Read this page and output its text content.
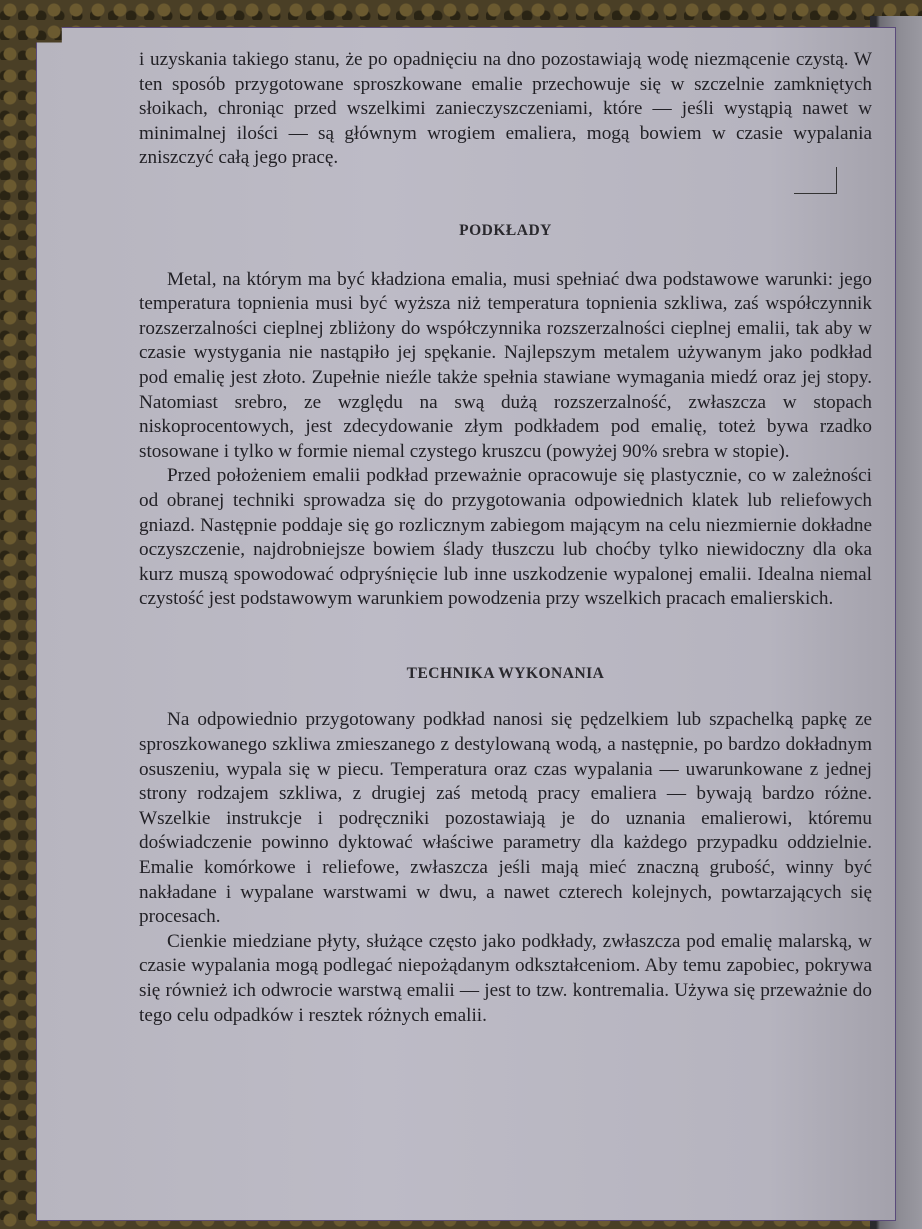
i uzyskania takiego stanu, że po opadnięciu na dno pozostawiają wodę niezmącenie czystą. W ten sposób przygotowane sproszkowane emalie przechowuje się w szczelnie zamkniętych słoikach, chroniąc przed wszelkimi zanieczyszczeniami, które — jeśli wystąpią nawet w minimalnej ilości — są głównym wrogiem emaliera, mogą bowiem w czasie wypalania zniszczyć całą jego pracę.

PODKŁADY

Metal, na którym ma być kładziona emalia, musi spełniać dwa podstawowe warunki: jego temperatura topnienia musi być wyższa niż temperatura topnienia szkliwa, zaś współczynnik rozszerzalności cieplnej zbliżony do współczynnika rozszerzalności cieplnej emalii, tak aby w czasie wystygania nie nastąpiło jej spękanie. Najlepszym metalem używanym jako podkład pod emalię jest złoto. Zupełnie nieźle także spełnia stawiane wymagania miedź oraz jej stopy. Natomiast srebro, ze względu na swą dużą rozszerzalność, zwłaszcza w stopach niskoprocentowych, jest zdecydowanie złym podkładem pod emalię, toteż bywa rzadko stosowane i tylko w formie niemal czystego kruszcu (powyżej 90% srebra w stopie).

Przed położeniem emalii podkład przeważnie opracowuje się plastycznie, co w zależności od obranej techniki sprowadza się do przygotowania odpowiednich klatek lub reliefowych gniazd. Następnie poddaje się go rozlicznym zabiegom mającym na celu niezmiernie dokładne oczyszczenie, najdrobniejsze bowiem ślady tłuszczu lub choćby tylko niewidoczny dla oka kurz muszą spowodować odpryśnięcie lub inne uszkodzenie wypalonej emalii. Idealna niemal czystość jest podstawowym warunkiem powodzenia przy wszelkich pracach emalierskich.

TECHNIKA WYKONANIA

Na odpowiednio przygotowany podkład nanosi się pędzelkiem lub szpachelką papkę ze sproszkowanego szkliwa zmieszanego z destylowaną wodą, a następnie, po bardzo dokładnym osuszeniu, wypala się w piecu. Temperatura oraz czas wypalania — uwarunkowane z jednej strony rodzajem szkliwa, z drugiej zaś metodą pracy emaliera — bywają bardzo różne. Wszelkie instrukcje i podręczniki pozostawiają je do uznania emalierowi, któremu doświadczenie powinno dyktować właściwe parametry dla każdego przypadku oddzielnie. Emalie komórkowe i reliefowe, zwłaszcza jeśli mają mieć znaczną grubość, winny być nakładane i wypalane warstwami w dwu, a nawet czterech kolejnych, powtarzających się procesach.

Cienkie miedziane płyty, służące często jako podkłady, zwłaszcza pod emalię malarską, w czasie wypalania mogą podlegać niepożądanym odkształceniom. Aby temu zapobiec, pokrywa się również ich odwrocie warstwą emalii — jest to tzw. kontremalia. Używa się przeważnie do tego celu odpadków i resztek różnych emalii.
